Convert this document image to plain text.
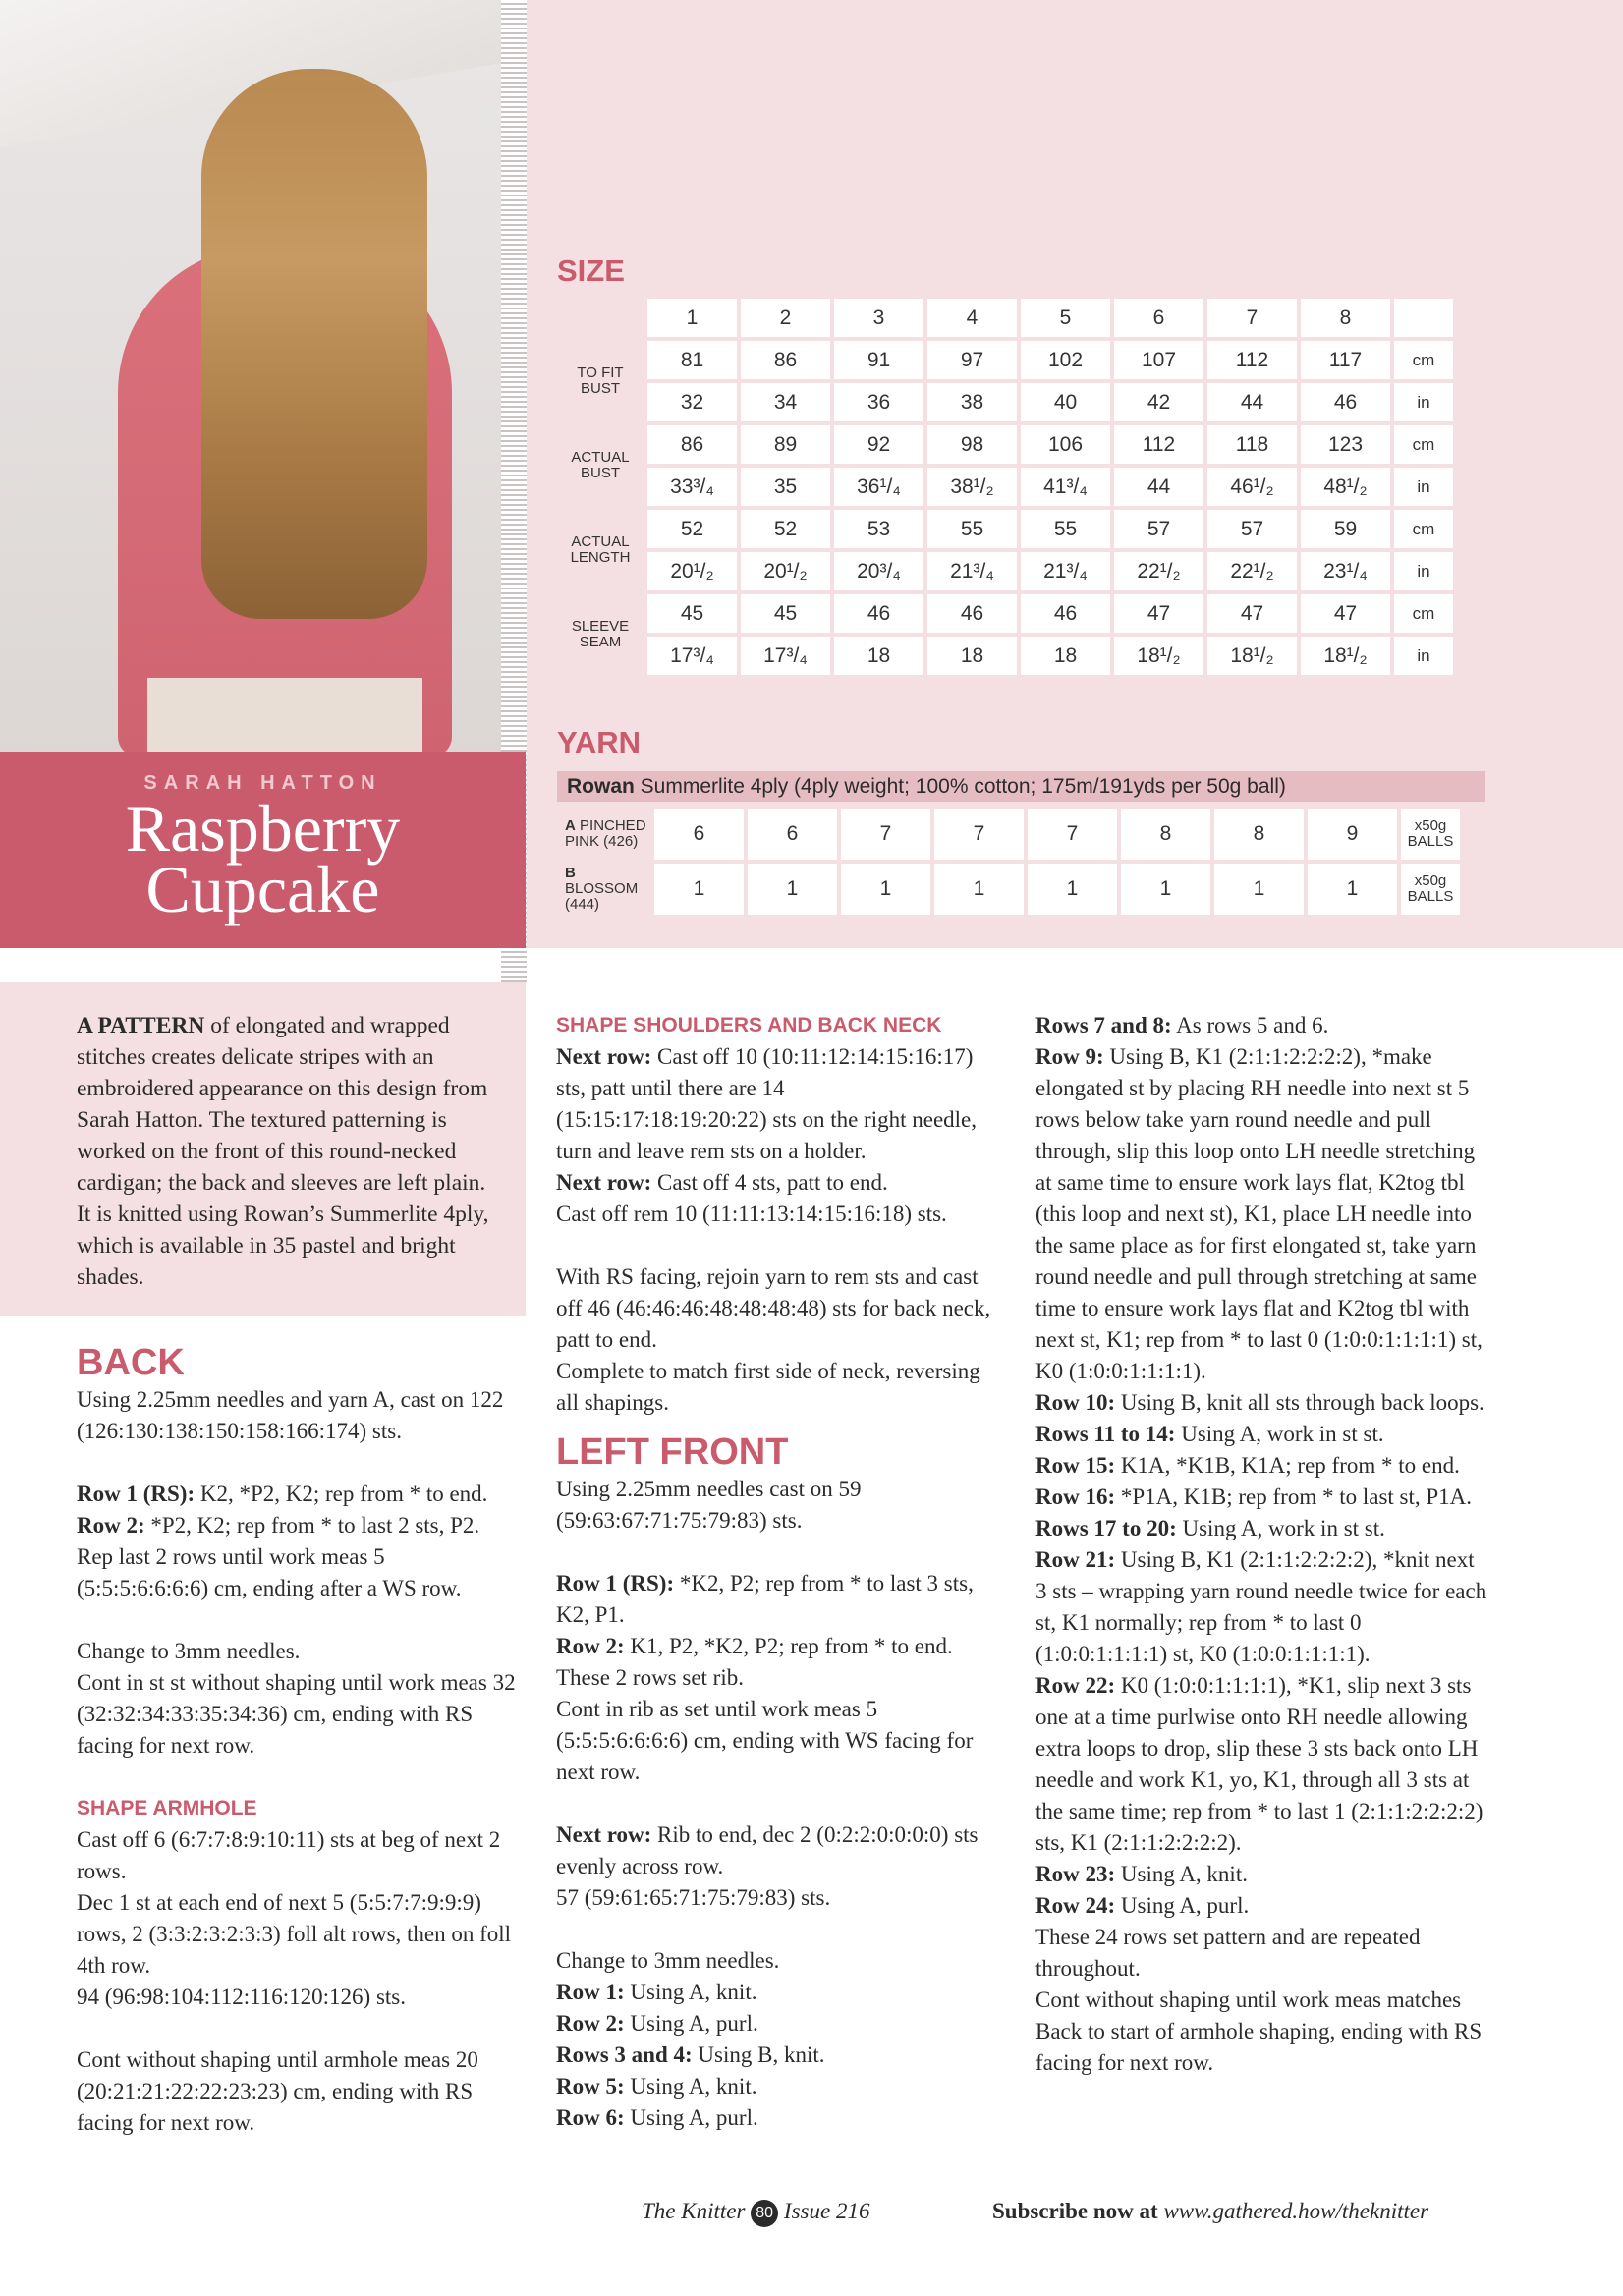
SARAH HATTON
Raspberry
Cupcake
SIZE
	1	2	3	4	5	6	7	8	
TO FIT
BUST	81	86	91	97	102	107	112	117	cm
	32	34	36	38	40	42	44	46	in
ACTUAL
BUST	86	89	92	98	106	112	118	123	cm
	33³/₄	35	36¹/₄	38¹/₂	41³/₄	44	46¹/₂	48¹/₂	in
ACTUAL
LENGTH	52	52	53	55	55	57	57	59	cm
	20¹/₂	20¹/₂	20³/₄	21³/₄	21³/₄	22¹/₂	22¹/₂	23¹/₄	in
SLEEVE
SEAM	45	45	46	46	46	47	47	47	cm
	17³/₄	17³/₄	18	18	18	18¹/₂	18¹/₂	18¹/₂	in
YARN
Rowan Summerlite 4ply (4ply weight; 100% cotton; 175m/191yds per 50g ball)
A PINCHED
PINK (426)	6	6	7	7	7	8	8	9	x50g
BALLS
B BLOSSOM
(444)	1	1	1	1	1	1	1	1	x50g
BALLS
A PATTERN of elongated and wrapped stitches creates delicate stripes with an embroidered appearance on this design from Sarah Hatton. The textured patterning is worked on the front of this round-necked cardigan; the back and sleeves are left plain. It is knitted using Rowan’s Summerlite 4ply, which is available in 35 pastel and bright shades.
BACK

Using 2.25mm needles and yarn A, cast on 122 (126:130:138:150:158:166:174) sts.

Row 1 (RS): K2, *P2, K2; rep from * to end.

Row 2: *P2, K2; rep from * to last 2 sts, P2.

Rep last 2 rows until work meas 5 (5:5:5:6:6:6:6) cm, ending after a WS row.

Change to 3mm needles.

Cont in st st without shaping until work meas 32 (32:32:34:33:35:34:36) cm, ending with RS facing for next row.

SHAPE ARMHOLE

Cast off 6 (6:7:7:8:9:10:11) sts at beg of next 2 rows.

Dec 1 st at each end of next 5 (5:5:7:7:9:9:9) rows, 2 (3:3:2:3:2:3:3) foll alt rows, then on foll 4th row.

94 (96:98:104:112:116:120:126) sts.

Cont without shaping until armhole meas 20 (20:21:21:22:22:23:23) cm, ending with RS facing for next row.

SHAPE SHOULDERS AND BACK NECK

Next row: Cast off 10 (10:11:12:14:15:16:17) sts, patt until there are 14 (15:15:17:18:19:20:22) sts on the right needle, turn and leave rem sts on a holder.

Next row: Cast off 4 sts, patt to end.

Cast off rem 10 (11:11:13:14:15:16:18) sts.

With RS facing, rejoin yarn to rem sts and cast off 46 (46:46:46:48:48:48:48) sts for back neck, patt to end.

Complete to match first side of neck, reversing all shapings.

LEFT FRONT

Using 2.25mm needles cast on 59 (59:63:67:71:75:79:83) sts.

Row 1 (RS): *K2, P2; rep from * to last 3 sts, K2, P1.

Row 2: K1, P2, *K2, P2; rep from * to end.

These 2 rows set rib.

Cont in rib as set until work meas 5 (5:5:5:6:6:6:6) cm, ending with WS facing for next row.

Next row: Rib to end, dec 2 (0:2:2:0:0:0:0) sts evenly across row.

57 (59:61:65:71:75:79:83) sts.

Change to 3mm needles.

Row 1: Using A, knit.

Row 2: Using A, purl.

Rows 3 and 4: Using B, knit.

Row 5: Using A, knit.

Row 6: Using A, purl.

Rows 7 and 8: As rows 5 and 6.

Row 9: Using B, K1 (2:1:1:2:2:2:2), *make elongated st by placing RH needle into next st 5 rows below take yarn round needle and pull through, slip this loop onto LH needle stretching at same time to ensure work lays flat, K2tog tbl (this loop and next st), K1, place LH needle into the same place as for first elongated st, take yarn round needle and pull through stretching at same time to ensure work lays flat and K2tog tbl with next st, K1; rep from * to last 0 (1:0:0:1:1:1:1) st, K0 (1:0:0:1:1:1:1).

Row 10: Using B, knit all sts through back loops.

Rows 11 to 14: Using A, work in st st.

Row 15: K1A, *K1B, K1A; rep from * to end.

Row 16: *P1A, K1B; rep from * to last st, P1A.

Rows 17 to 20: Using A, work in st st.

Row 21: Using B, K1 (2:1:1:2:2:2:2), *knit next 3 sts – wrapping yarn round needle twice for each st, K1 normally; rep from * to last 0 (1:0:0:1:1:1:1) st, K0 (1:0:0:1:1:1:1).

Row 22: K0 (1:0:0:1:1:1:1), *K1, slip next 3 sts one at a time purlwise onto RH needle allowing extra loops to drop, slip these 3 sts back onto LH needle and work K1, yo, K1, through all 3 sts at the same time; rep from * to last 1 (2:1:1:2:2:2:2) sts, K1 (2:1:1:2:2:2:2).

Row 23: Using A, knit.

Row 24: Using A, purl.

These 24 rows set pattern and are repeated throughout.

Cont without shaping until work meas matches Back to start of armhole shaping, ending with RS facing for next row.

The Knitter 80 Issue 216	Subscribe now at www.gathered.how/theknitter
